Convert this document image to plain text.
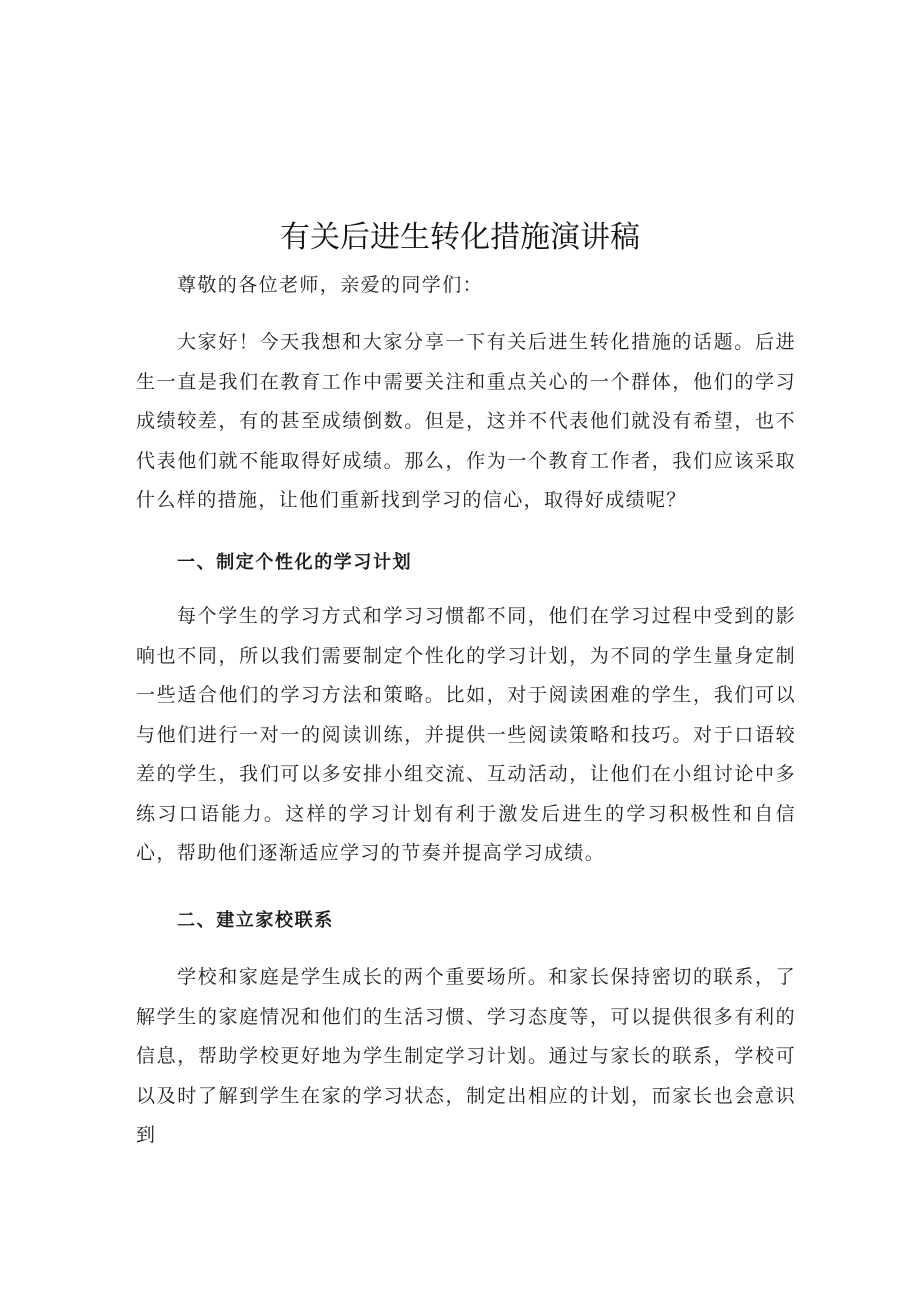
有关后进生转化措施演讲稿

尊敬的各位老师，亲爱的同学们：

大家好！今天我想和大家分享一下有关后进生转化措施的话题。后进生一直是我们在教育工作中需要关注和重点关心的一个群体，他们的学习成绩较差，有的甚至成绩倒数。但是，这并不代表他们就没有希望，也不代表他们就不能取得好成绩。那么，作为一个教育工作者，我们应该采取什么样的措施，让他们重新找到学习的信心，取得好成绩呢？

一、制定个性化的学习计划

每个学生的学习方式和学习习惯都不同，他们在学习过程中受到的影响也不同，所以我们需要制定个性化的学习计划，为不同的学生量身定制一些适合他们的学习方法和策略。比如，对于阅读困难的学生，我们可以与他们进行一对一的阅读训练，并提供一些阅读策略和技巧。对于口语较差的学生，我们可以多安排小组交流、互动活动，让他们在小组讨论中多练习口语能力。这样的学习计划有利于激发后进生的学习积极性和自信心，帮助他们逐渐适应学习的节奏并提高学习成绩。

二、建立家校联系

学校和家庭是学生成长的两个重要场所。和家长保持密切的联系，了解学生的家庭情况和他们的生活习惯、学习态度等，可以提供很多有利的信息，帮助学校更好地为学生制定学习计划。通过与家长的联系，学校可以及时了解到学生在家的学习状态，制定出相应的计划，而家长也会意识到
